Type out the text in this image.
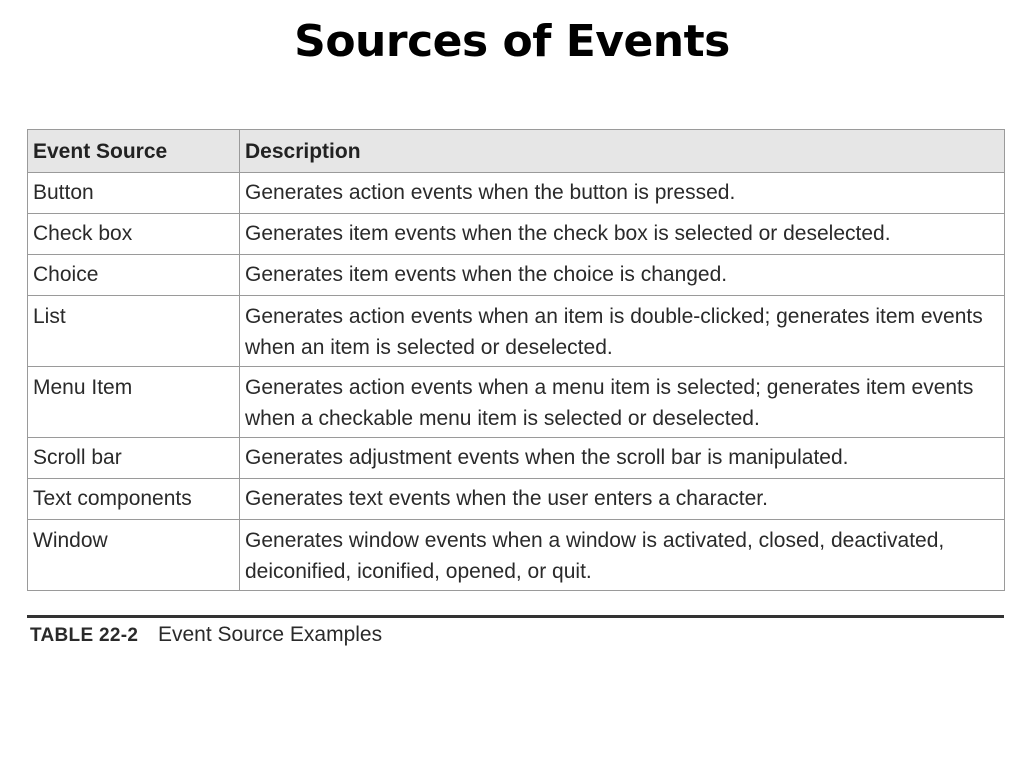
Sources of Events
Event Source	Description
Button	Generates action events when the button is pressed.
Check box	Generates item events when the check box is selected or deselected.
Choice	Generates item events when the choice is changed.
List	Generates action events when an item is double-clicked; generates item events when an item is selected or deselected.
Menu Item	Generates action events when a menu item is selected; generates item events when a checkable menu item is selected or deselected.
Scroll bar	Generates adjustment events when the scroll bar is manipulated.
Text components	Generates text events when the user enters a character.
Window	Generates window events when a window is activated, closed, deactivated, deiconified, iconified, opened, or quit.
TABLE 22-2 Event Source Examples
